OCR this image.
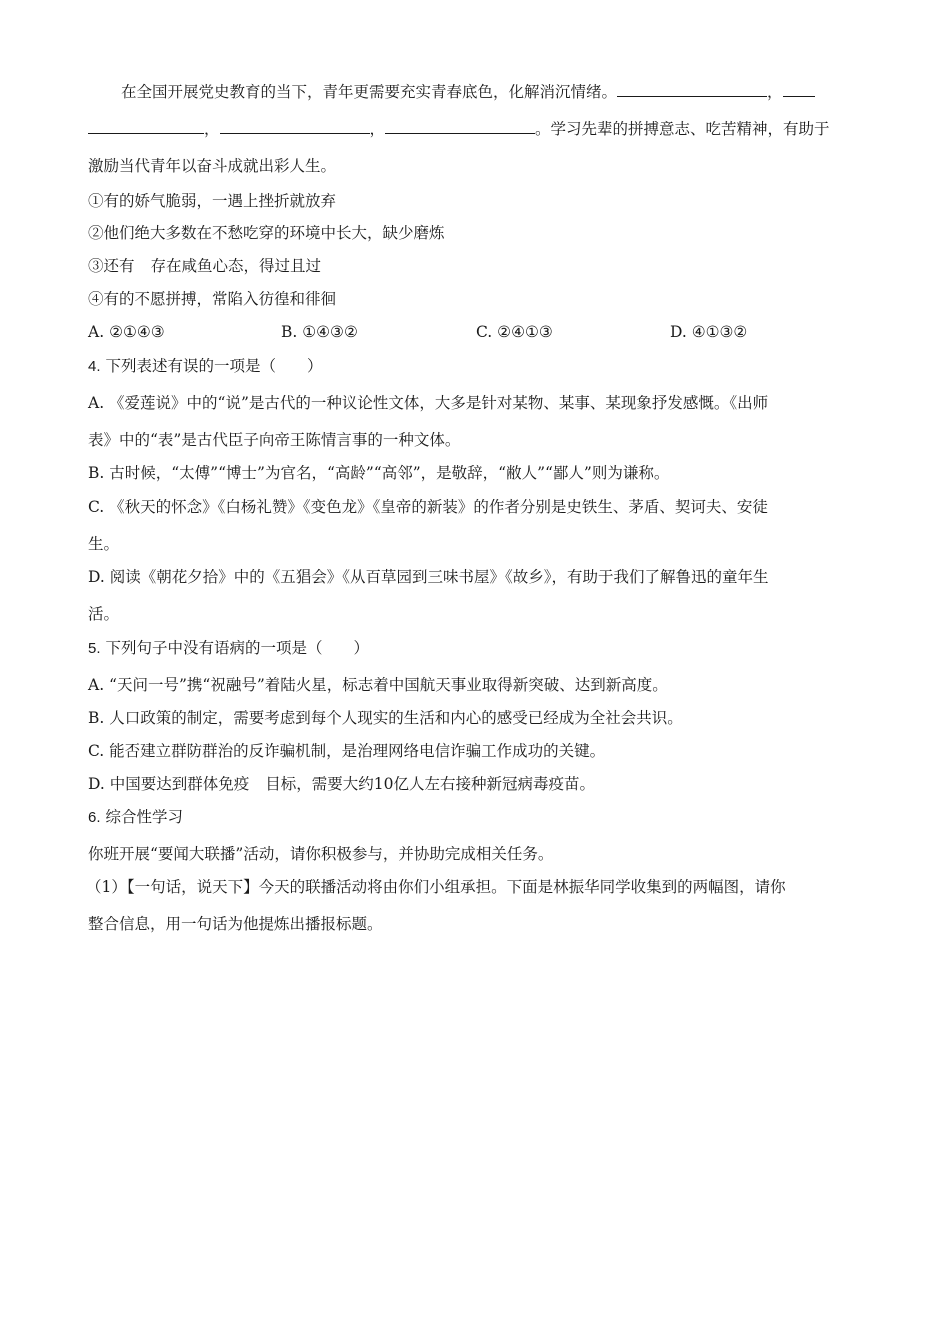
在全国开展党史教育的当下，青年更需要充实青春底色，化解消沉情绪。	，
，	，	。学习先辈的拼搏意志、吃苦精神，有助于
激励当代青年以奋斗成就出彩人生。
①有的娇气脆弱，一遇上挫折就放弃
②他们绝大多数在不愁吃穿的环境中长大，缺少磨炼
③还有 存在咸鱼心态，得过且过
④有的不愿拼搏，常陷入彷徨和徘徊
A. ②①④③	B. ①④③②	C. ②④①③	D. ④①③②
4. 下列表述有误的一项是（　　）
A. 《爱莲说》中的“说”是古代的一种议论性文体，大多是针对某物、某事、某现象抒发感慨。《出师
表》中的“表”是古代臣子向帝王陈情言事的一种文体。
B. 古时候，“太傅”“博士”为官名，“高龄”“高邻”，是敬辞，“敝人”“鄙人”则为谦称。
C. 《秋天的怀念》《白杨礼赞》《变色龙》《皇帝的新装》的作者分别是史铁生、茅盾、契诃夫、安徒
生。
D. 阅读《朝花夕拾》中的《五猖会》《从百草园到三味书屋》《故乡》，有助于我们了解鲁迅的童年生
活。
5. 下列句子中没有语病的一项是（　　）
A. “天问一号”携“祝融号”着陆火星，标志着中国航天事业取得新突破、达到新高度。
B. 人口政策的制定，需要考虑到每个人现实的生活和内心的感受已经成为全社会共识。
C. 能否建立群防群治的反诈骗机制，是治理网络电信诈骗工作成功的关键。
D. 中国要达到群体免疫 目标，需要大约10亿人左右接种新冠病毒疫苗。
6. 综合性学习
你班开展“要闻大联播”活动，请你积极参与，并协助完成相关任务。
（1）【一句话，说天下】今天的联播活动将由你们小组承担。下面是林振华同学收集到的两幅图，请你
整合信息，用一句话为他提炼出播报标题。
